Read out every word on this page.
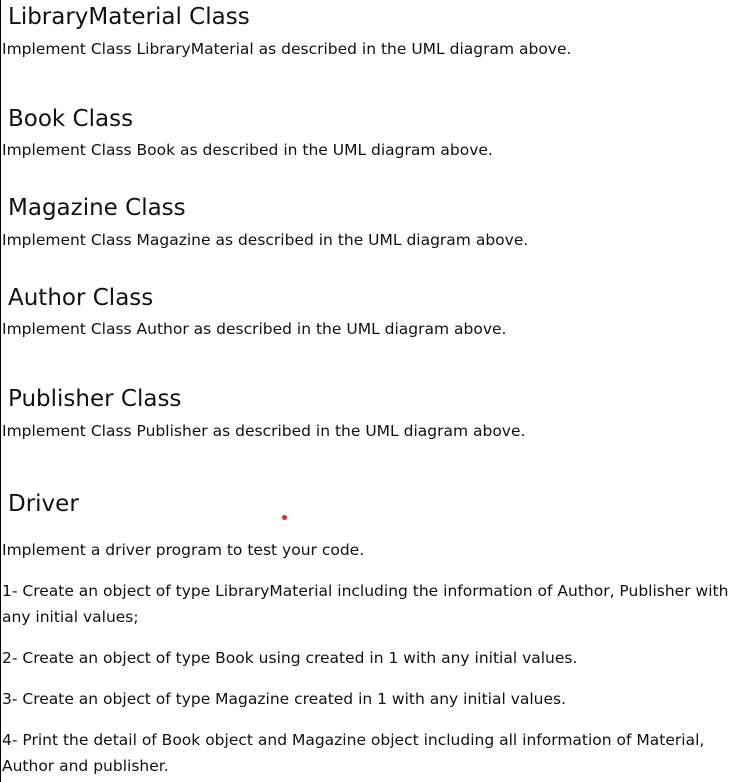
LibraryMaterial Class

Implement Class LibraryMaterial as described in the UML diagram above.

Book Class

Implement Class Book as described in the UML diagram above.

Magazine Class

Implement Class Magazine as described in the UML diagram above.

Author Class

Implement Class Author as described in the UML diagram above.

Publisher Class

Implement Class Publisher as described in the UML diagram above.

Driver

Implement a driver program to test your code.

1- Create an object of type LibraryMaterial including the information of Author, Publisher with any initial values;

2- Create an object of type Book using created in 1 with any initial values.

3- Create an object of type Magazine created in 1 with any initial values.

4- Print the detail of Book object and Magazine object including all information of Material, Author and publisher.
